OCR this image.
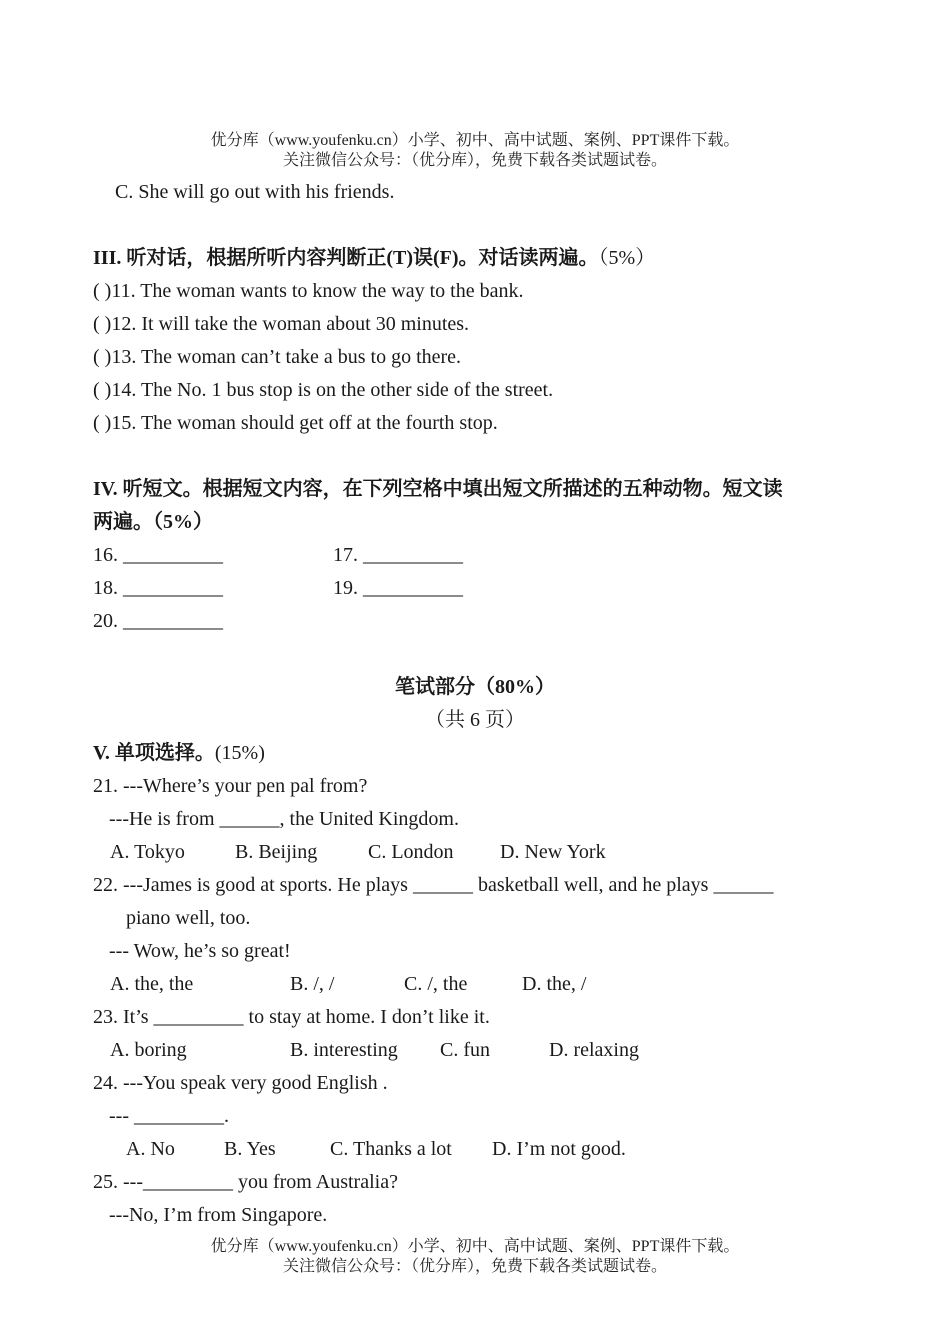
优分库（www.youfenku.cn）小学、初中、高中试题、案例、PPT课件下载。
关注微信公众号：（优分库），免费下载各类试题试卷。
C. She will go out with his friends.
III. 听对话，根据所听内容判断正(T)误(F)。对话读两遍。（5%）
( )11. The woman wants to know the way to the bank.
( )12. It will take the woman about 30 minutes.
( )13. The woman can’t take a bus to go there.
( )14. The No. 1 bus stop is on the other side of the street.
( )15. The woman should get off at the fourth stop.
IV. 听短文。根据短文内容，在下列空格中填出短文所描述的五种动物。短文读
两遍。（5%）
16. __________	17. __________
18. __________	19. __________
20. __________
笔试部分（80%）
（共 6 页）
V. 单项选择。(15%)
21. ---Where’s your pen pal from?
---He is from ______, the United Kingdom.
A. Tokyo	B. Beijing	C. London D. New York
22. ---James is good at sports. He plays ______ basketball well, and he plays ______
piano well, too.
--- Wow, he’s so great!
A. the, the	B. /, /	C. /, the	D. the, /
23. It’s _________ to stay at home. I don’t like it.
A. boring	B. interesting C. fun	D. relaxing
24. ---You speak very good English .
--- _________.
A. No B. Yes	C. Thanks a lot D. I’m not good.
25. ---_________ you from Australia?
---No, I’m from Singapore.
优分库（www.youfenku.cn）小学、初中、高中试题、案例、PPT课件下载。
关注微信公众号：（优分库），免费下载各类试题试卷。
